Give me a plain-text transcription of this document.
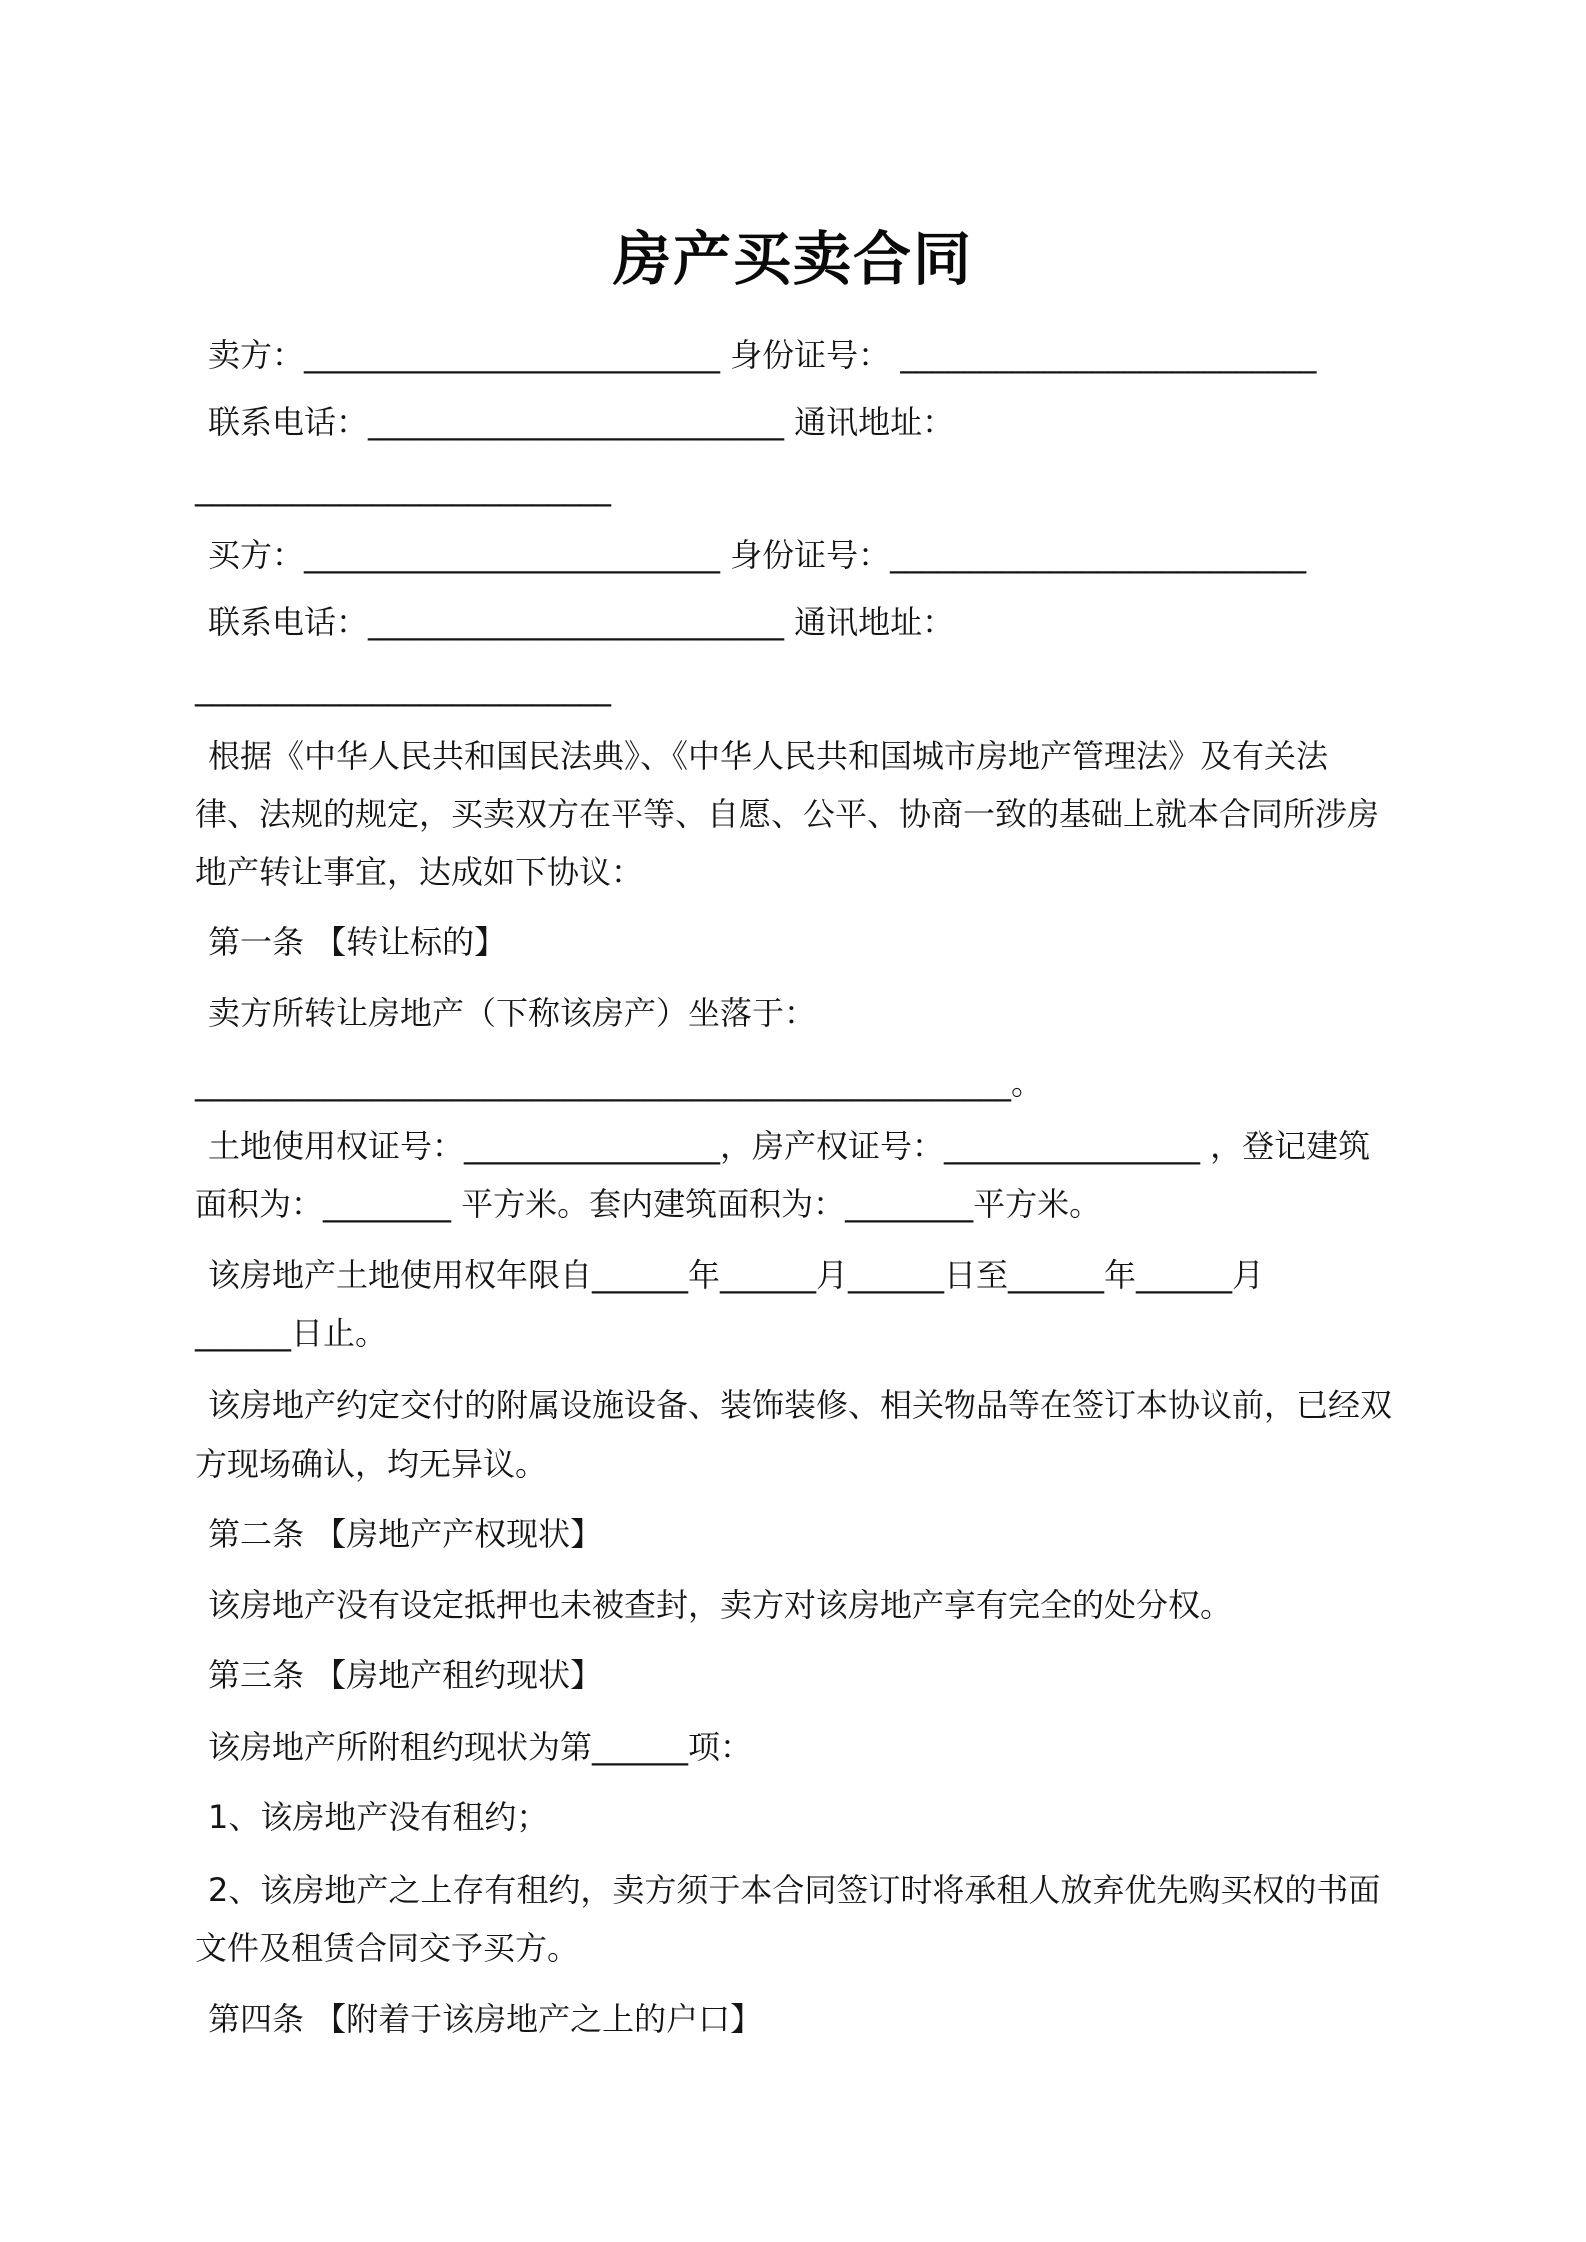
房产买卖合同
卖方：__________________________ 身份证号： __________________________
联系电话：__________________________ 通讯地址：
__________________________
买方：__________________________ 身份证号：__________________________
联系电话：__________________________ 通讯地址：
__________________________
根据《中华人民共和国民法典》、《中华人民共和国城市房地产管理法》及有关法
律、法规的规定，买卖双方在平等、自愿、公平、协商一致的基础上就本合同所涉房
地产转让事宜，达成如下协议：
第一条 【转让标的】
卖方所转让房地产（下称该房产）坐落于：
___________________________________________________。
土地使用权证号：________________，房产权证号：________________ ，登记建筑
面积为：________ 平方米。套内建筑面积为：________平方米。
该房地产土地使用权年限自______年______月______日至______年______月
______日止。
该房地产约定交付的附属设施设备、装饰装修、相关物品等在签订本协议前，已经双
方现场确认，均无异议。
第二条 【房地产产权现状】
该房地产没有设定抵押也未被查封，卖方对该房地产享有完全的处分权。
第三条 【房地产租约现状】
该房地产所附租约现状为第______项：
1、该房地产没有租约；
2、该房地产之上存有租约，卖方须于本合同签订时将承租人放弃优先购买权的书面
文件及租赁合同交予买方。
第四条 【附着于该房地产之上的户口】
